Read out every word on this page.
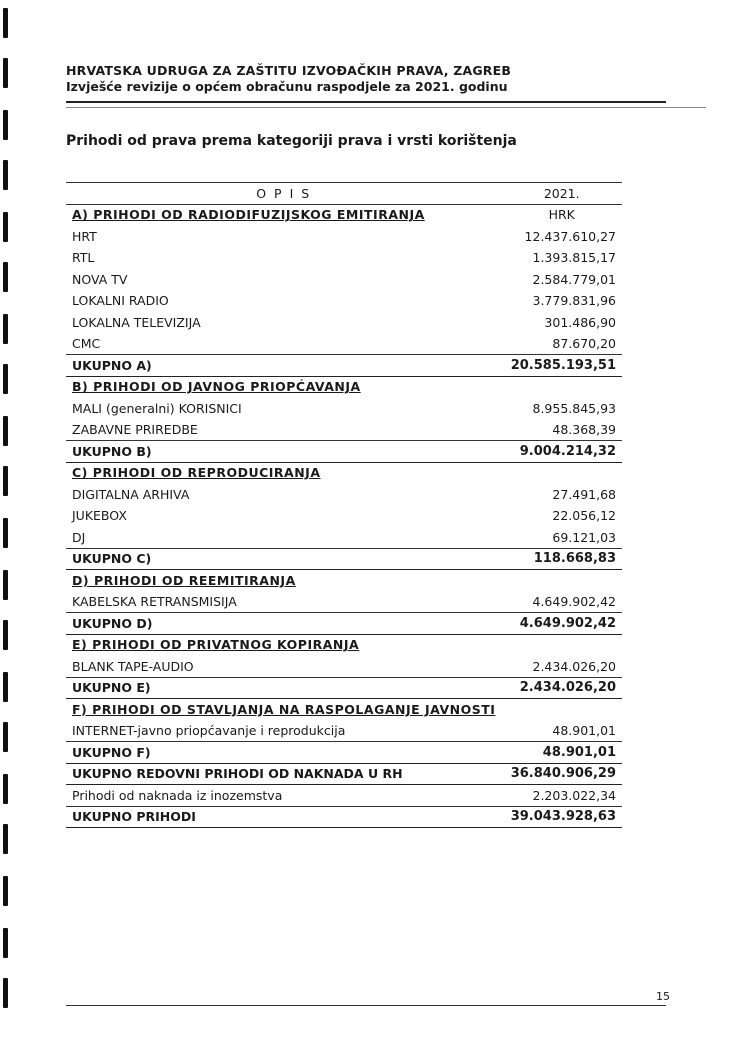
HRVATSKA UDRUGA ZA ZAŠTITU IZVOĐAČKIH PRAVA, ZAGREB
Izvješće revizije o općem obračunu raspodjele za 2021. godinu
Prihodi od prava prema kategoriji prava i vrsti korištenja
O P I S	2021.
A) PRIHODI OD RADIODIFUZIJSKOG EMITIRANJA	HRK
HRT	12.437.610,27
RTL	1.393.815,17
NOVA TV	2.584.779,01
LOKALNI RADIO	3.779.831,96
LOKALNA TELEVIZIJA	301.486,90
CMC	87.670,20
UKUPNO A)	20.585.193,51
B) PRIHODI OD JAVNOG PRIOPĆAVANJA	
MALI (generalni) KORISNICI	8.955.845,93
ZABAVNE PRIREDBE	48.368,39
UKUPNO B)	9.004.214,32
C) PRIHODI OD REPRODUCIRANJA	
DIGITALNA ARHIVA	27.491,68
JUKEBOX	22.056,12
DJ	69.121,03
UKUPNO C)	118.668,83
D) PRIHODI OD REEMITIRANJA	
KABELSKA RETRANSMISIJA	4.649.902,42
UKUPNO D)	4.649.902,42
E) PRIHODI OD PRIVATNOG KOPIRANJA	
BLANK TAPE-AUDIO	2.434.026,20
UKUPNO E)	2.434.026,20
F) PRIHODI OD STAVLJANJA NA RASPOLAGANJE JAVNOSTI	
INTERNET-javno priopćavanje i reprodukcija	48.901,01
UKUPNO F)	48.901,01
UKUPNO REDOVNI PRIHODI OD NAKNADA U RH	36.840.906,29
Prihodi od naknada iz inozemstva	2.203.022,34
UKUPNO PRIHODI	39.043.928,63
15
